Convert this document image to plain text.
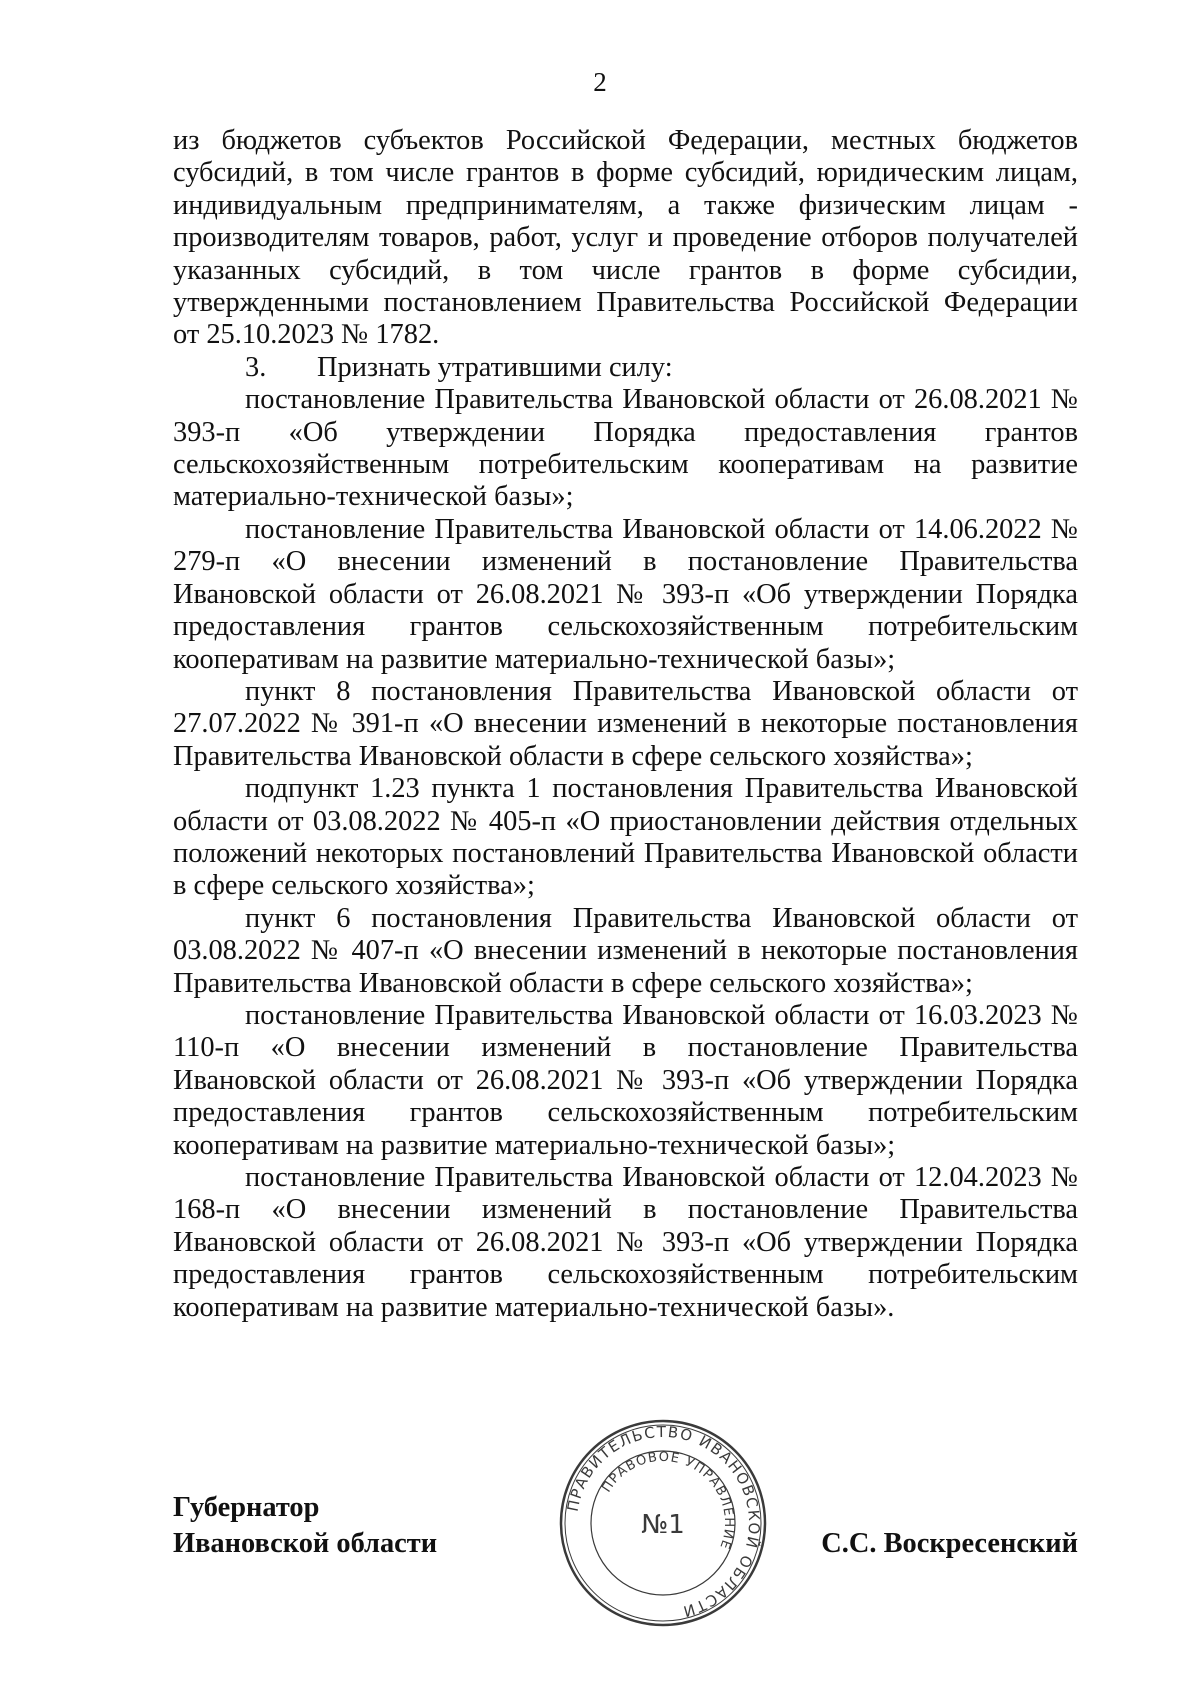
2

из бюджетов субъектов Российской Федерации, местных бюджетов субсидий, в том числе грантов в форме субсидий, юридическим лицам, индивидуальным предпринимателям, а также физическим лицам - производителям товаров, работ, услуг и проведение отборов получателей указанных субсидий, в том числе грантов в форме субсидии, утвержденными постановлением Правительства Российской Федерации от 25.10.2023 № 1782.

3. Признать утратившими силу:

постановление Правительства Ивановской области от 26.08.2021 № 393-п «Об утверждении Порядка предоставления грантов сельскохозяйственным потребительским кооперативам на развитие материально-технической базы»;

постановление Правительства Ивановской области от 14.06.2022 № 279-п «О внесении изменений в постановление Правительства Ивановской области от 26.08.2021 № 393-п «Об утверждении Порядка предоставления грантов сельскохозяйственным потребительским кооперативам на развитие материально-технической базы»;

пункт 8 постановления Правительства Ивановской области от 27.07.2022 № 391-п «О внесении изменений в некоторые постановления Правительства Ивановской области в сфере сельского хозяйства»;

подпункт 1.23 пункта 1 постановления Правительства Ивановской области от 03.08.2022 № 405-п «О приостановлении действия отдельных положений некоторых постановлений Правительства Ивановской области в сфере сельского хозяйства»;

пункт 6 постановления Правительства Ивановской области от 03.08.2022 № 407-п «О внесении изменений в некоторые постановления Правительства Ивановской области в сфере сельского хозяйства»;

постановление Правительства Ивановской области от 16.03.2023 № 110-п «О внесении изменений в постановление Правительства Ивановской области от 26.08.2021 № 393-п «Об утверждении Порядка предоставления грантов сельскохозяйственным потребительским кооперативам на развитие материально-технической базы»;

постановление Правительства Ивановской области от 12.04.2023 № 168-п «О внесении изменений в постановление Правительства Ивановской области от 26.08.2021 № 393-п «Об утверждении Порядка предоставления грантов сельскохозяйственным потребительским кооперативам на развитие материально-технической базы».

Губернатор
Ивановской области	С.С. Воскресенский
ПРАВИТЕЛЬСТВО ИВАНОВСКОЙ ОБЛАСТИ
ПРАВОВОЕ УПРАВЛЕНИЕ
№1
